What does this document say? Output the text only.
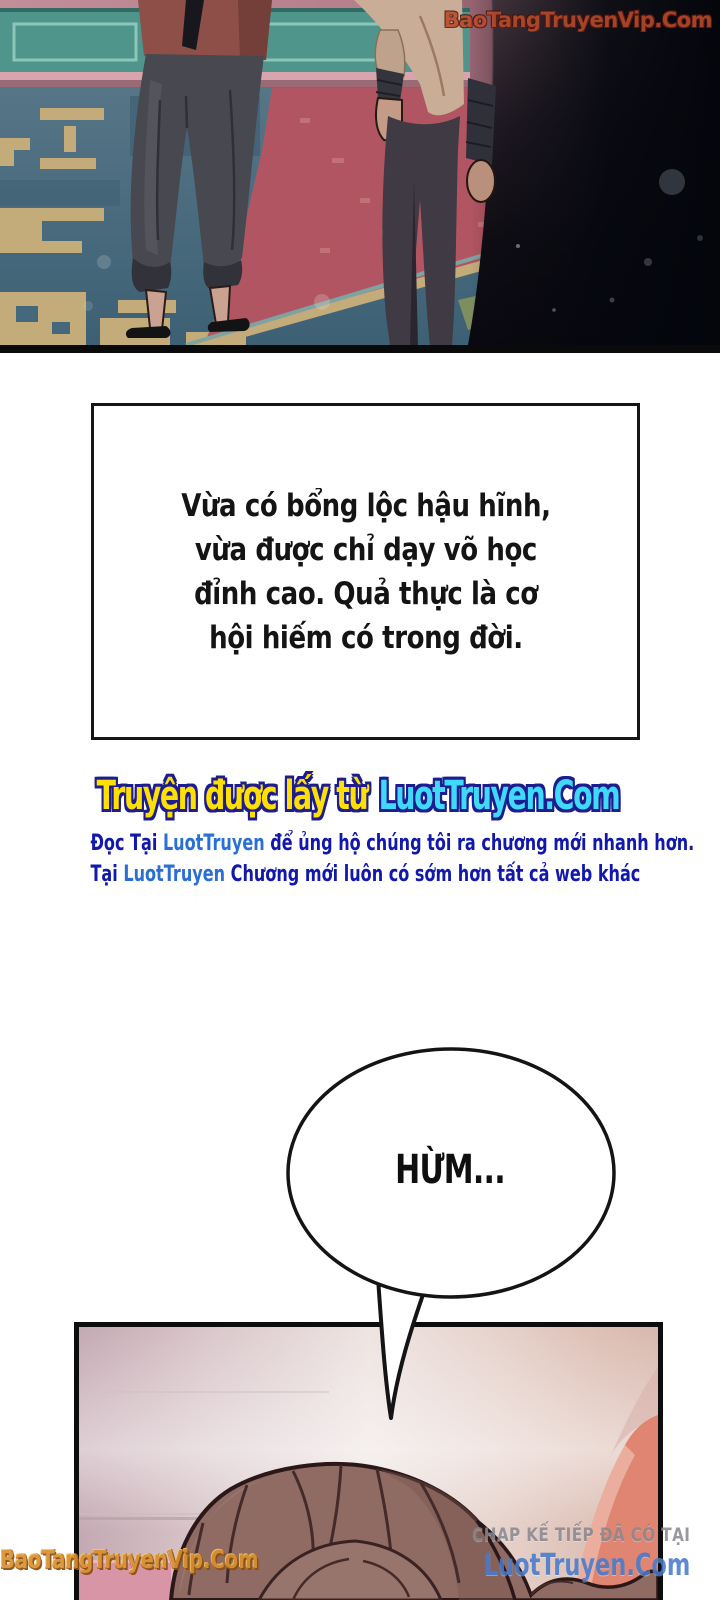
BaoTangTruyenVip.Com
Vừa có bổng lộc hậu hĩnh,
vừa được chỉ dạy võ học
đỉnh cao. Quả thực là cơ
hội hiếm có trong đời.
Truyện được lấy từ LuotTruyen.Com
Đọc Tại LuotTruyen để ủng hộ chúng tôi ra chương mới nhanh hơn.
Tại LuotTruyen Chương mới luôn có sớm hơn tất cả web khác
HỪM...
BaoTangTruyenVip.Com
CHAP KẾ TIẾP ĐÃ CÓ TẠI
LuotTruyen.Com
